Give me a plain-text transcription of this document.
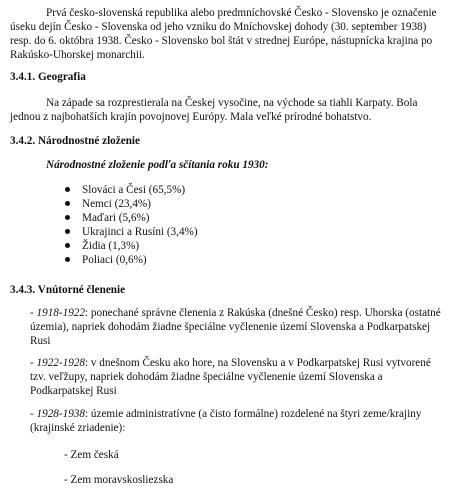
Prvá česko-slovenská republika alebo predmníchovské Česko - Slovensko je označenie úseku dejín Česko - Slovenska od jeho vzniku do Mníchovskej dohody (30. september 1938) resp. do 6. októbra 1938. Česko - Slovensko bol štát v strednej Európe, nástupnícka krajina po Rakúsko-Uhorskej monarchii.

3.4.1. Geografia

Na západe sa rozprestierala na Českej vysočine, na východe sa tiahli Karpaty. Bola jednou z najbohatších krajín povojnovej Európy. Mala veľké prírodné bohatstvo.

3.4.2. Národnostné zloženie

Národnostné zloženie podľa sčítania roku 1930:

Slováci a Česi (65,5%)
Nemci (23,4%)
Maďari (5,6%)
Ukrajinci a Rusíni (3,4%)
Židia (1,3%)
Poliaci (0,6%)
3.4.3. Vnútorné členenie

- 1918-1922: ponechané správne členenia z Rakúska (dnešné Česko) resp. Uhorska (ostatné územia), napriek dohodám žiadne špeciálne vyčlenenie území Slovenska a Podkarpatskej Rusi

- 1922-1928: v dnešnom Česku ako hore, na Slovensku a v Podkarpatskej Rusi vytvorené tzv. veľžupy, napriek dohodám žiadne špeciálne vyčlenenie území Slovenska a Podkarpatskej Rusi

- 1928-1938: územie administratívne (a čisto formálne) rozdelené na štyri zeme/krajiny (krajinské zriadenie):

- Zem česká

- Zem moravskosliezska
